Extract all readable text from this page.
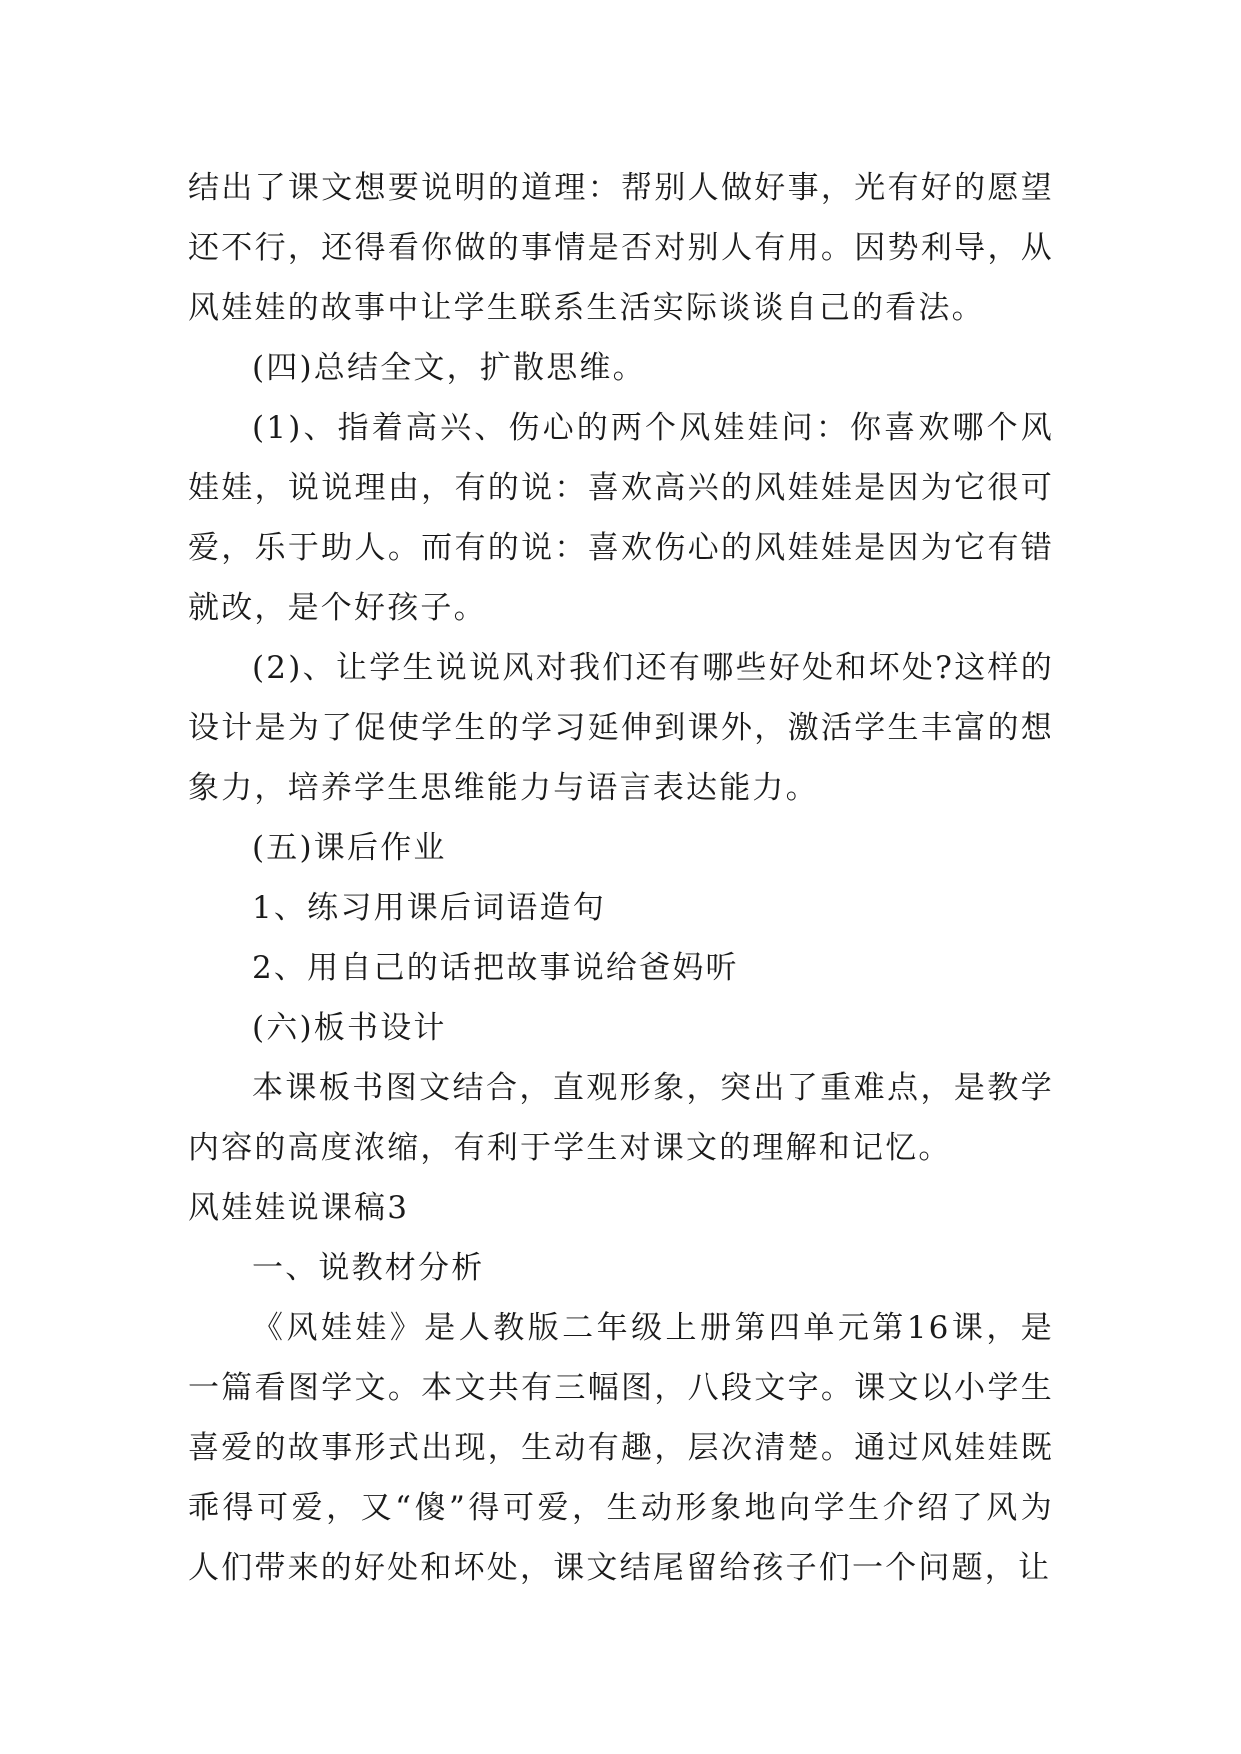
结出了课文想要说明的道理：帮别人做好事，光有好的愿望还不行，还得看你做的事情是否对别人有用。因势利导，从风娃娃的故事中让学生联系生活实际谈谈自己的看法。

(四)总结全文，扩散思维。

(1)、指着高兴、伤心的两个风娃娃问：你喜欢哪个风娃娃，说说理由，有的说：喜欢高兴的风娃娃是因为它很可爱，乐于助人。而有的说：喜欢伤心的风娃娃是因为它有错就改，是个好孩子。

(2)、让学生说说风对我们还有哪些好处和坏处?这样的设计是为了促使学生的学习延伸到课外，激活学生丰富的想象力，培养学生思维能力与语言表达能力。

(五)课后作业

1、练习用课后词语造句

2、用自己的话把故事说给爸妈听

(六)板书设计

本课板书图文结合，直观形象，突出了重难点，是教学内容的高度浓缩，有利于学生对课文的理解和记忆。

风娃娃说课稿3

一、说教材分析

《风娃娃》是人教版二年级上册第四单元第16课，是一篇看图学文。本文共有三幅图，八段文字。课文以小学生喜爱的故事形式出现，生动有趣，层次清楚。通过风娃娃既乖得可爱，又“傻”得可爱，生动形象地向学生介绍了风为人们带来的好处和坏处，课文结尾留给孩子们一个问题，让
